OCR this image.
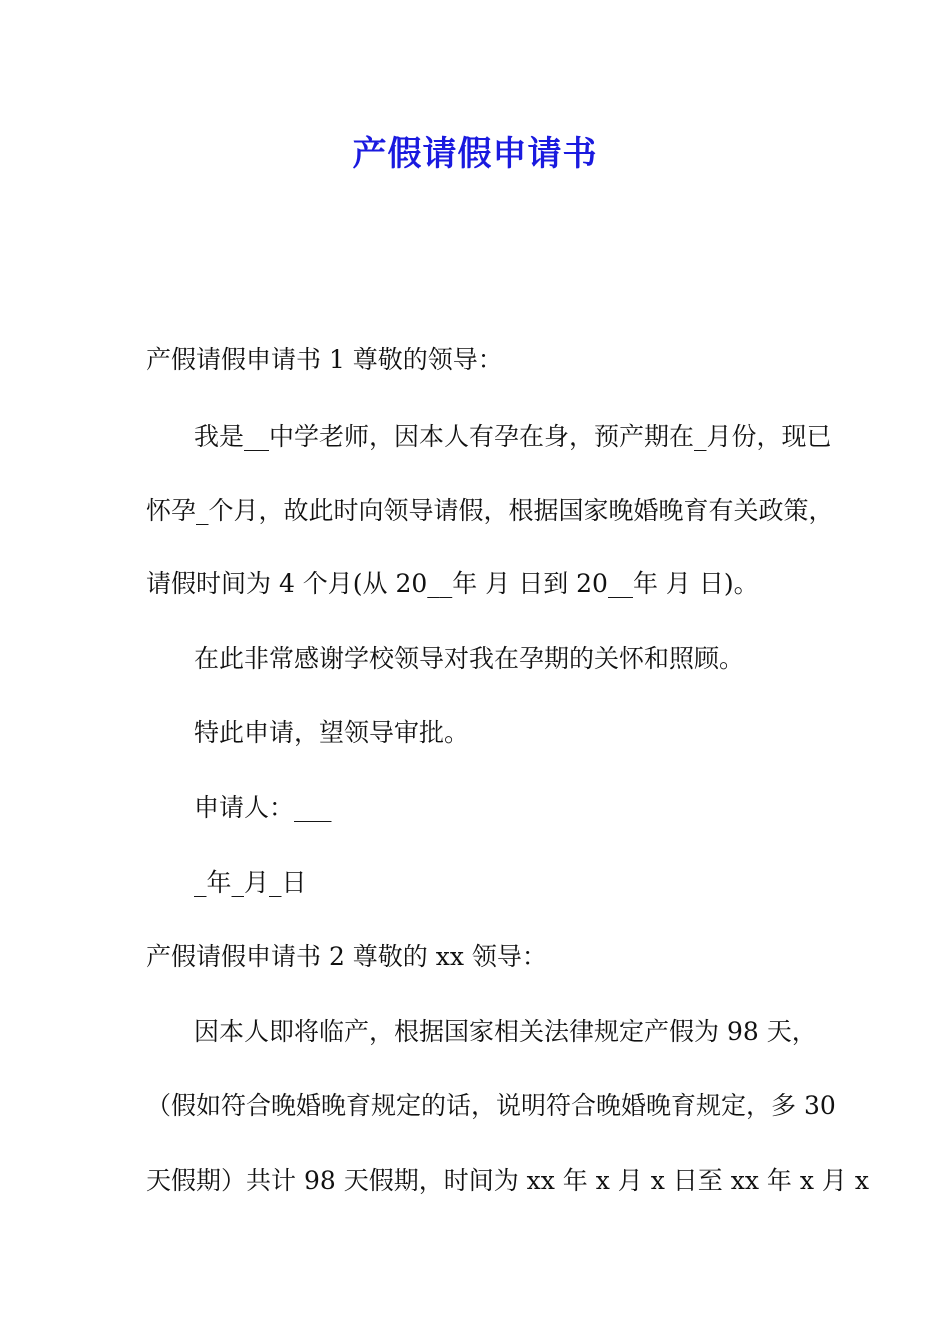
产假请假申请书
产假请假申请书 1 尊敬的领导：
我是__中学老师，因本人有孕在身，预产期在_月份，现已
怀孕_个月，故此时向领导请假，根据国家晚婚晚育有关政策，
请假时间为 4 个月(从 20__年 月 日到 20__年 月 日)。
在此非常感谢学校领导对我在孕期的关怀和照顾。
特此申请，望领导审批。
申请人：___
_年_月_日
产假请假申请书 2 尊敬的 xx 领导：
因本人即将临产，根据国家相关法律规定产假为 98 天，
（假如符合晚婚晚育规定的话，说明符合晚婚晚育规定，多 30
天假期）共计 98 天假期，时间为 xx 年 x 月 x 日至 xx 年 x 月 x
